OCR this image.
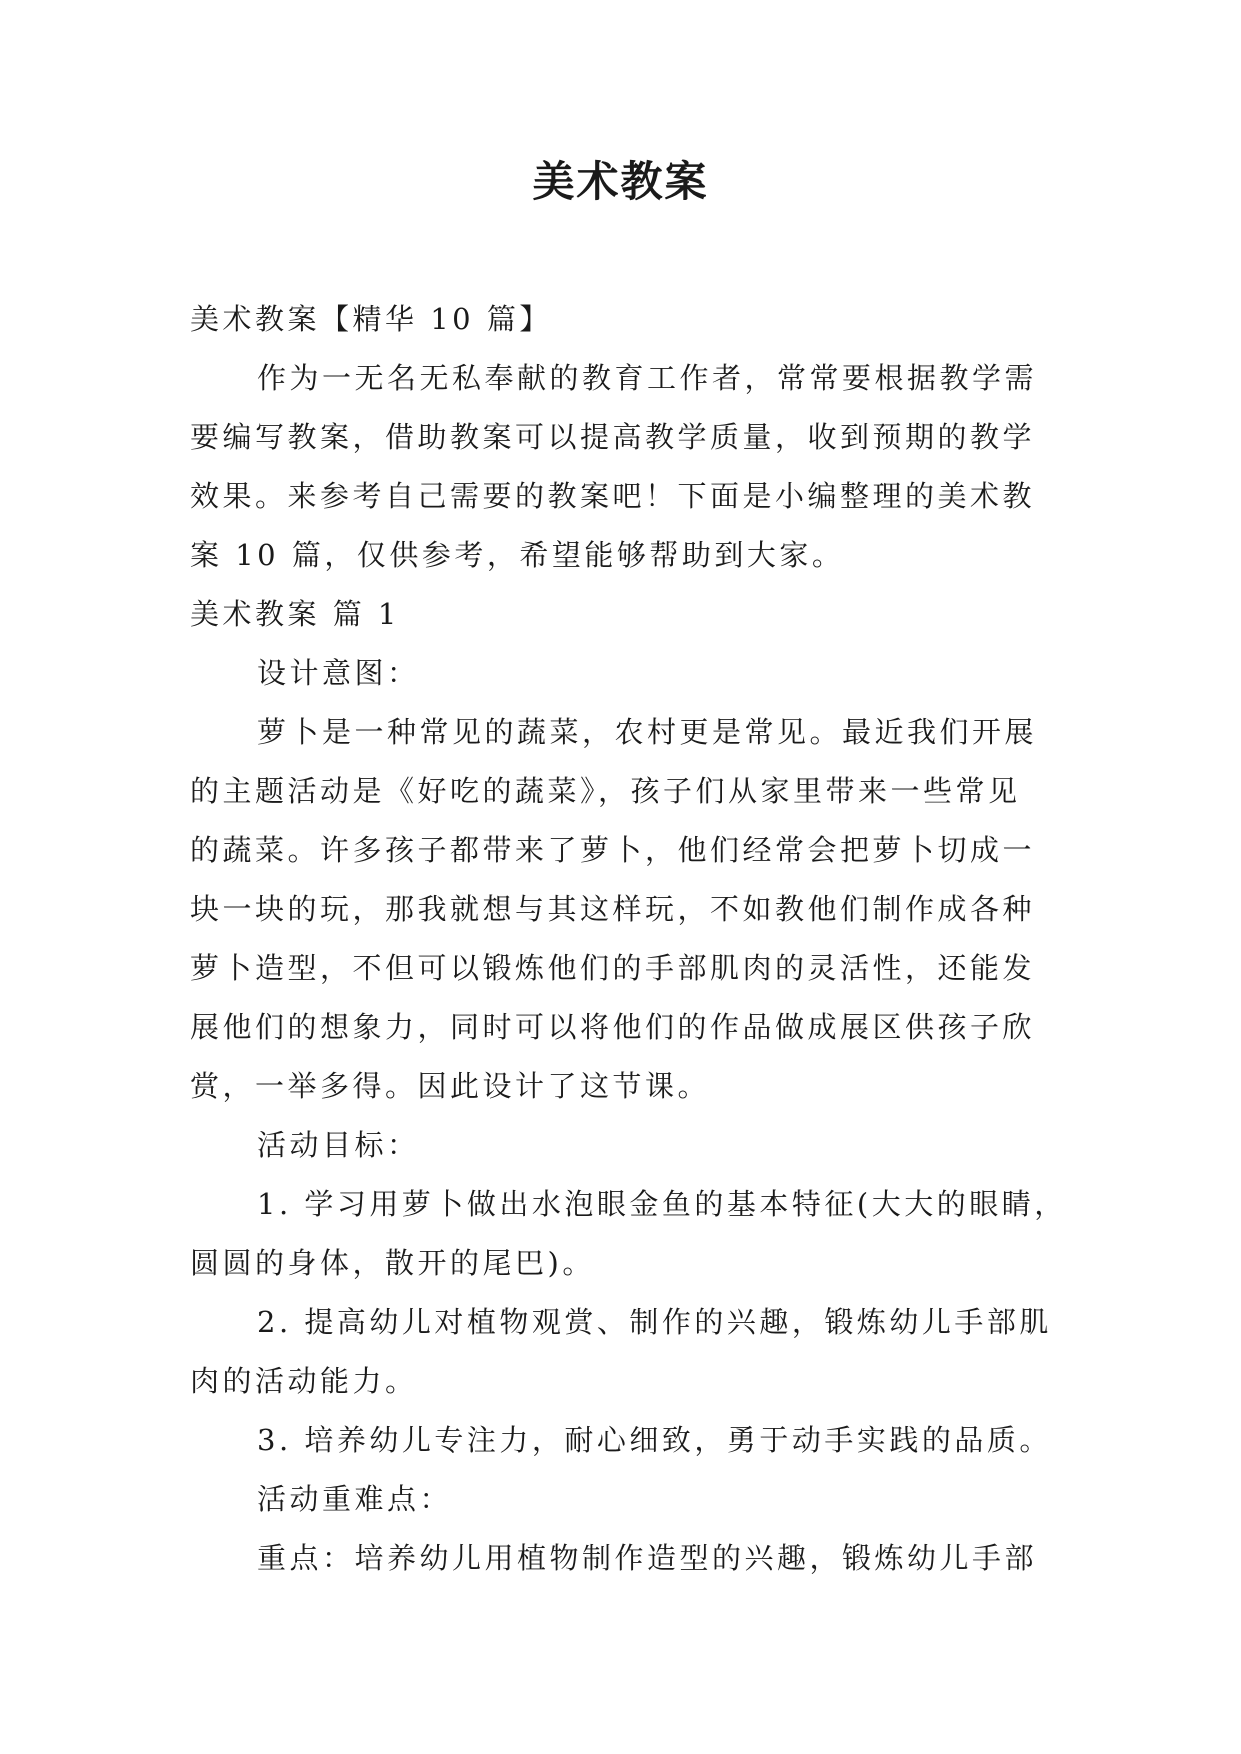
美术教案
美术教案【精华 10 篇】
作为一无名无私奉献的教育工作者，常常要根据教学需
要编写教案，借助教案可以提高教学质量，收到预期的教学
效果。来参考自己需要的教案吧！下面是小编整理的美术教
案 10 篇，仅供参考，希望能够帮助到大家。
美术教案 篇 1
设计意图：
萝卜是一种常见的蔬菜，农村更是常见。最近我们开展
的主题活动是《好吃的蔬菜》，孩子们从家里带来一些常见
的蔬菜。许多孩子都带来了萝卜，他们经常会把萝卜切成一
块一块的玩，那我就想与其这样玩，不如教他们制作成各种
萝卜造型，不但可以锻炼他们的手部肌肉的灵活性，还能发
展他们的想象力，同时可以将他们的作品做成展区供孩子欣
赏，一举多得。因此设计了这节课。
活动目标：
1. 学习用萝卜做出水泡眼金鱼的基本特征(大大的眼睛，
圆圆的身体，散开的尾巴)。
2. 提高幼儿对植物观赏、制作的兴趣，锻炼幼儿手部肌
肉的活动能力。
3. 培养幼儿专注力，耐心细致，勇于动手实践的品质。
活动重难点：
重点：培养幼儿用植物制作造型的兴趣，锻炼幼儿手部
